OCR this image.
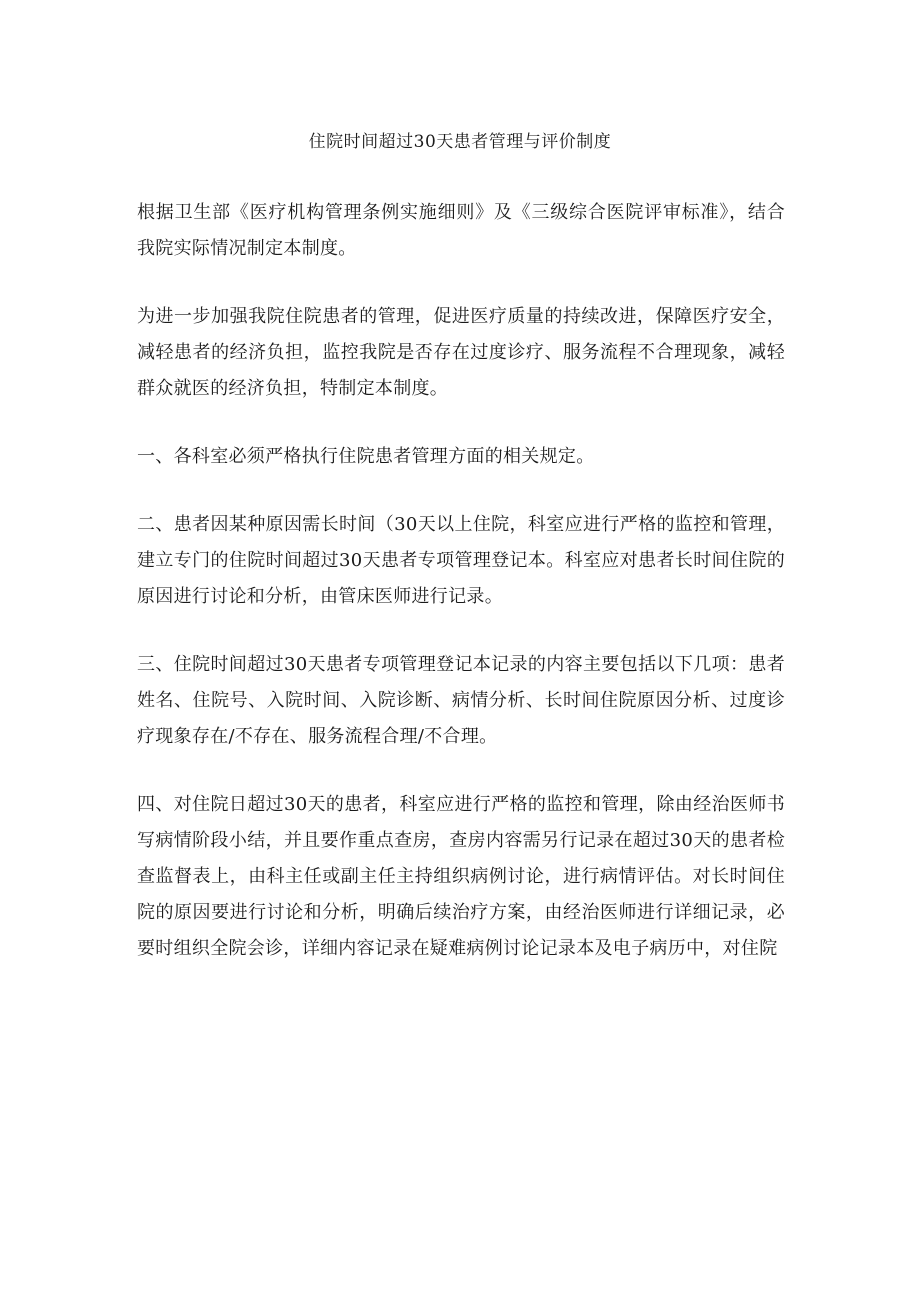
住院时间超过30天患者管理与评价制度

根据卫生部《医疗机构管理条例实施细则》及《三级综合医院评审标准》，结合我院实际情况制定本制度。

为进一步加强我院住院患者的管理，促进医疗质量的持续改进，保障医疗安全，减轻患者的经济负担，监控我院是否存在过度诊疗、服务流程不合理现象，减轻群众就医的经济负担，特制定本制度。

一、各科室必须严格执行住院患者管理方面的相关规定。

二、患者因某种原因需长时间（30天以上住院，科室应进行严格的监控和管理，建立专门的住院时间超过30天患者专项管理登记本。科室应对患者长时间住院的原因进行讨论和分析，由管床医师进行记录。

三、住院时间超过30天患者专项管理登记本记录的内容主要包括以下几项：患者姓名、住院号、入院时间、入院诊断、病情分析、长时间住院原因分析、过度诊疗现象存在/不存在、服务流程合理/不合理。

四、对住院日超过30天的患者，科室应进行严格的监控和管理，除由经治医师书写病情阶段小结，并且要作重点查房，查房内容需另行记录在超过30天的患者检查监督表上，由科主任或副主任主持组织病例讨论，进行病情评估。对长时间住院的原因要进行讨论和分析，明确后续治疗方案，由经治医师进行详细记录，必要时组织全院会诊，详细内容记录在疑难病例讨论记录本及电子病历中，对住院
